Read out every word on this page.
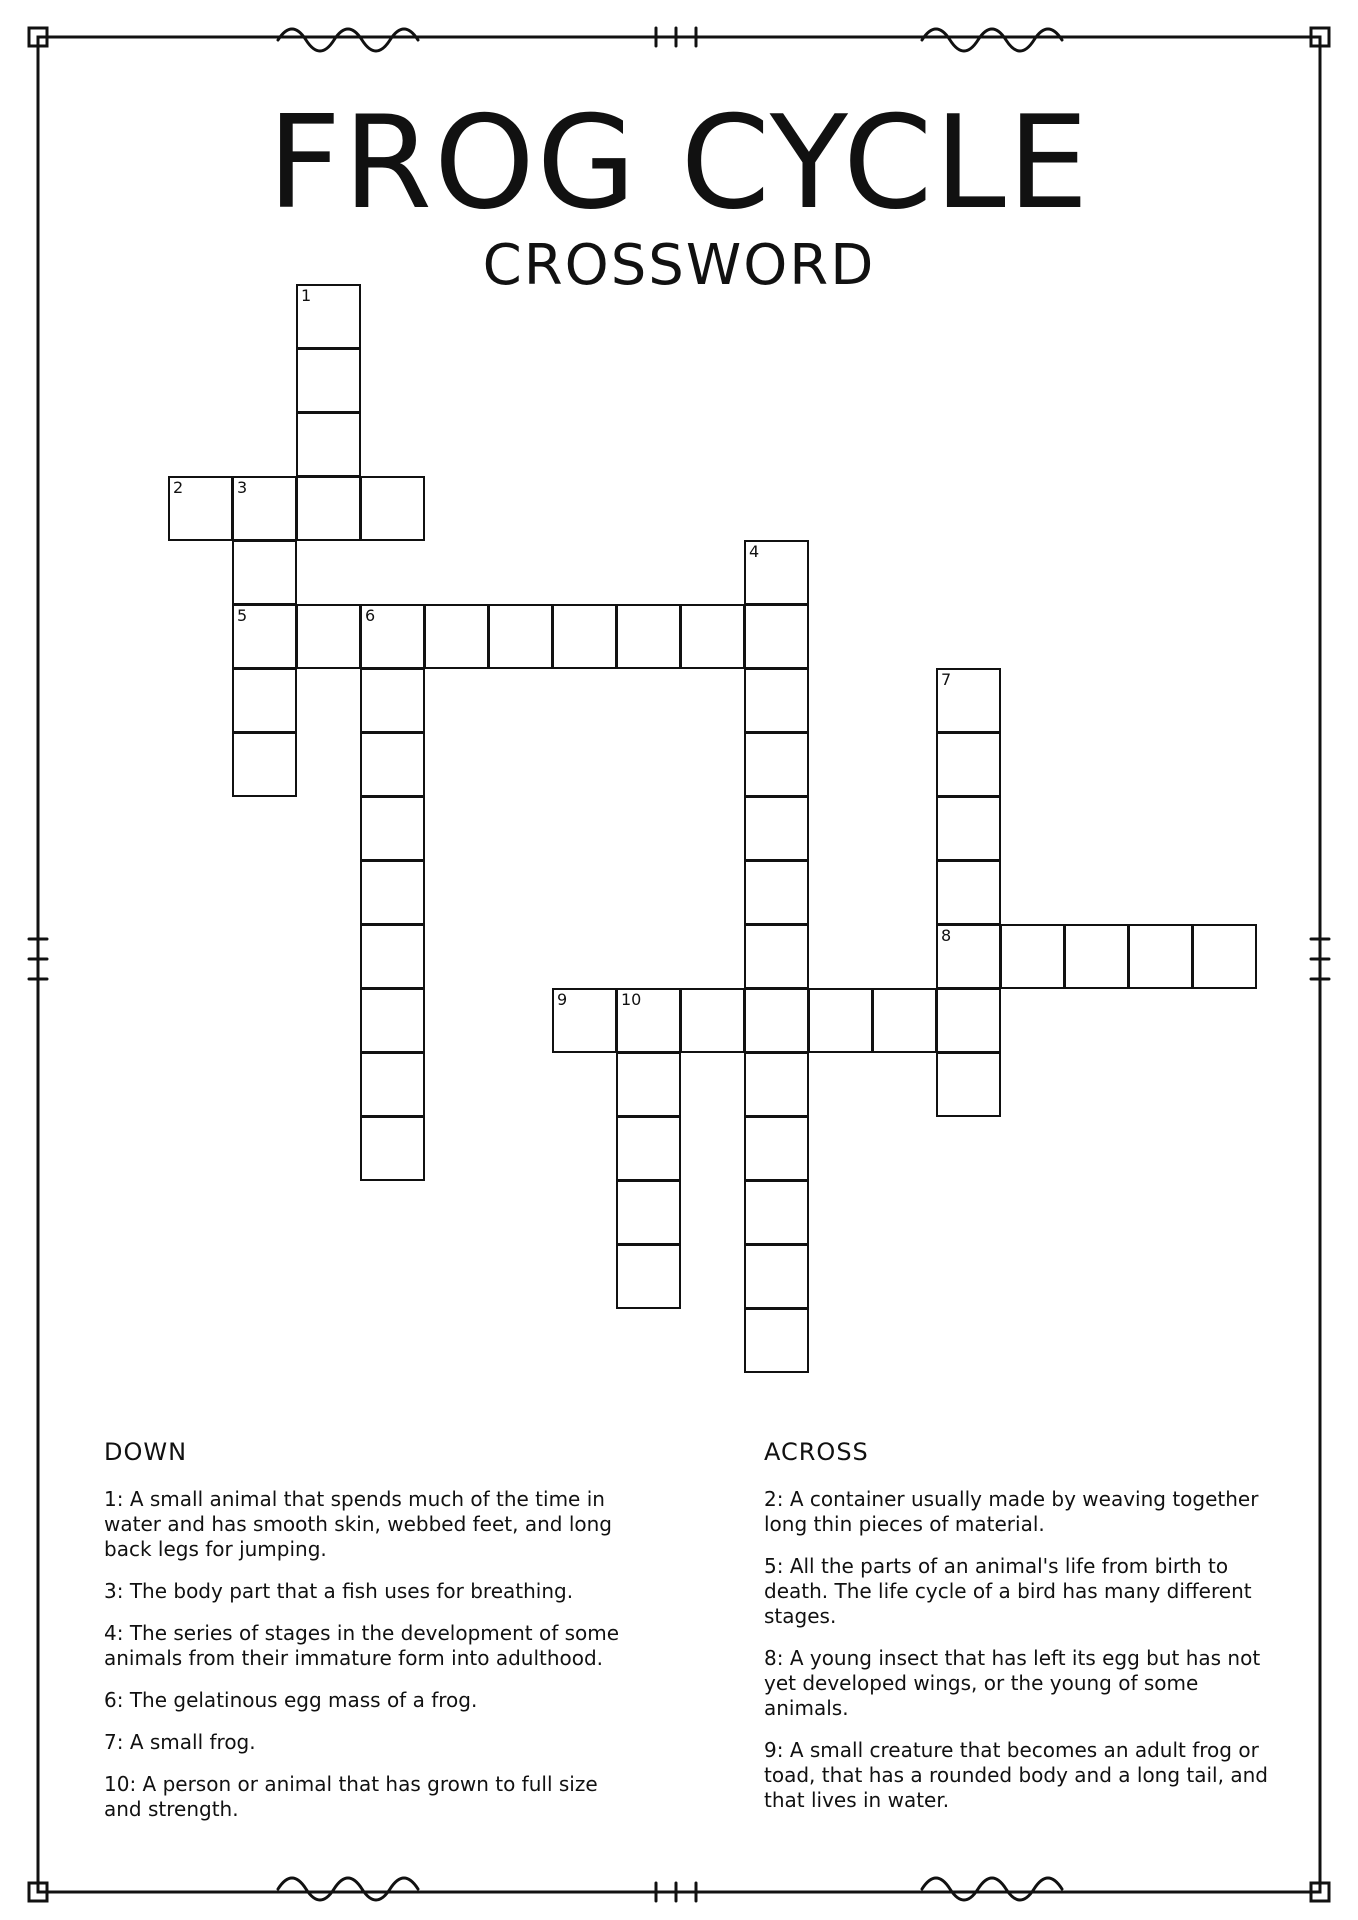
FROG CYCLE
CROSSWORD
1
2	3
4
5	6
7
8
9	10
DOWN
1: A small animal that spends much of the time in water and has smooth skin, webbed feet, and long back legs for jumping.
3: The body part that a fish uses for breathing.
4: The series of stages in the development of some animals from their immature form into adulthood.
6: The gelatinous egg mass of a frog.
7: A small frog.
10: A person or animal that has grown to full size and strength.
ACROSS
2: A container usually made by weaving together long thin pieces of material.
5: All the parts of an animal's life from birth to death. The life cycle of a bird has many different stages.
8: A young insect that has left its egg but has not yet developed wings, or the young of some animals.
9: A small creature that becomes an adult frog or toad, that has a rounded body and a long tail, and that lives in water.
